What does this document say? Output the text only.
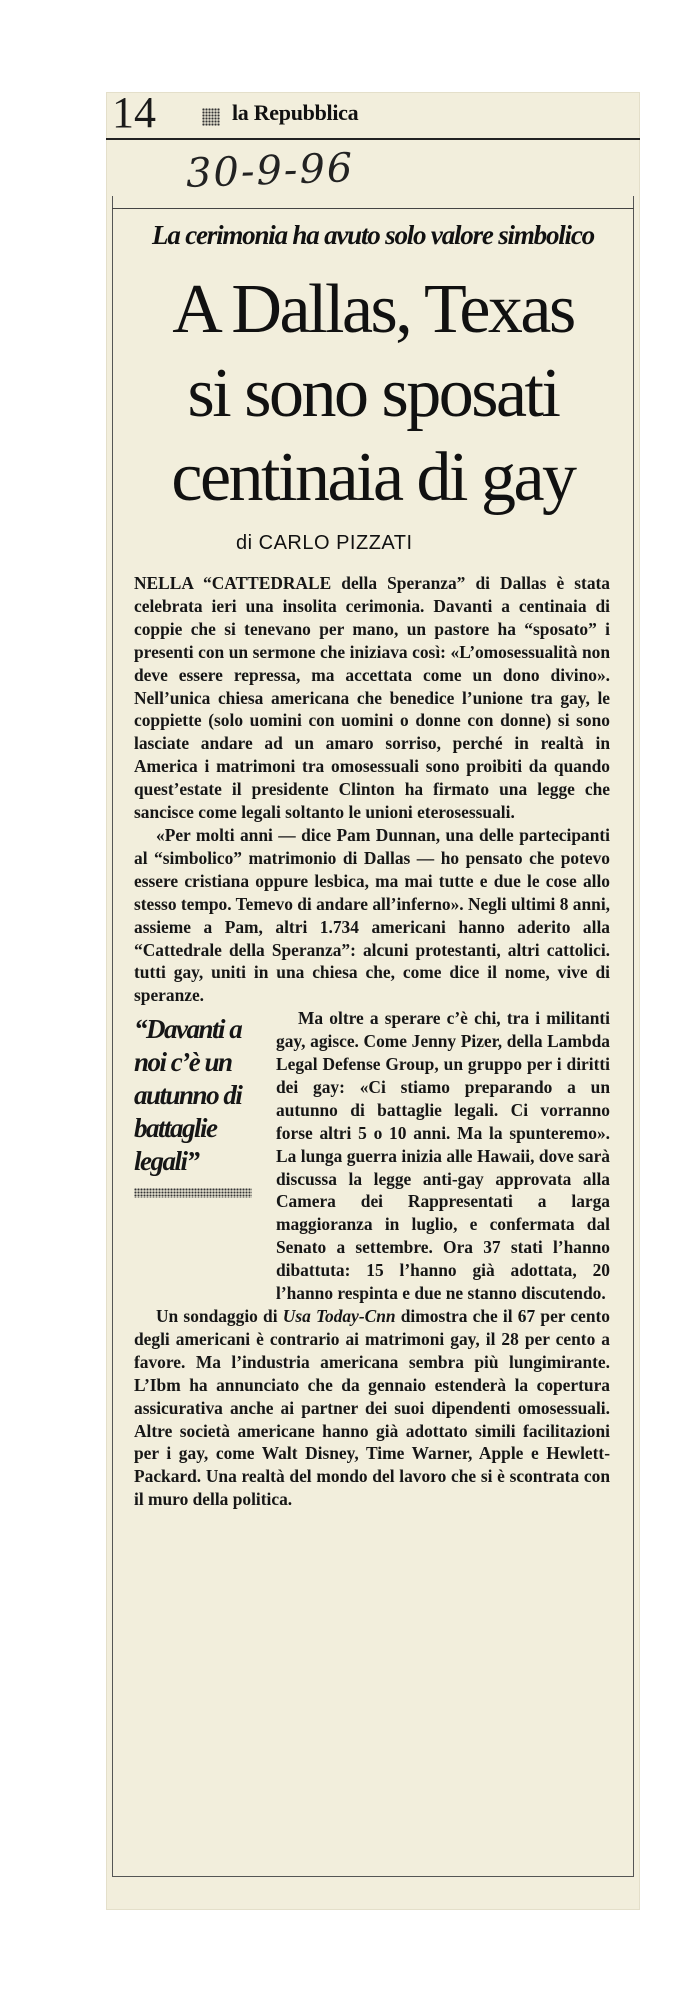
14	la Repubblica
30-9-96
La cerimonia ha avuto solo valore simbolico
A Dallas, Texas
si sono sposati
centinaia di gay
di CARLO PIZZATI

NELLA “CATTEDRALE della Speranza” di Dallas è stata celebrata ieri una insolita cerimonia. Davanti a centinaia di coppie che si tenevano per mano, un pastore ha “sposato” i presenti con un sermone che iniziava così: «L’omosessualità non deve essere repressa, ma accettata come un dono divino». Nell’unica chiesa americana che benedice l’unione tra gay, le coppiette (solo uomini con uomini o donne con donne) si sono lasciate andare ad un amaro sorriso, perché in realtà in America i matrimoni tra omosessuali sono proibiti da quando quest’estate il presidente Clinton ha firmato una legge che sancisce come legali soltanto le unioni eterosessuali.

«Per molti anni — dice Pam Dunnan, una delle partecipanti al “simbolico” matrimonio di Dallas — ho pensato che potevo essere cristiana oppure lesbica, ma mai tutte e due le cose allo stesso tempo. Temevo di andare all’inferno». Negli ultimi 8 anni, assieme a Pam, altri 1.734 americani hanno aderito alla “Cattedrale della Speranza”: alcuni protestanti, altri cattolici. tutti gay, uniti in una chiesa che, come dice il nome, vive di speranze.

“Davanti a noi c’è un autunno di battaglie legali”

Ma oltre a sperare c’è chi, tra i militanti gay, agisce. Come Jenny Pizer, della Lambda Legal Defense Group, un gruppo per i diritti dei gay: «Ci stiamo preparando a un autunno di battaglie legali. Ci vorranno forse altri 5 o 10 anni. Ma la spunteremo». La lunga guerra inizia alle Hawaii, dove sarà discussa la legge anti-gay approvata alla Camera dei Rappresentati a larga maggioranza in luglio, e confermata dal Senato a settembre. Ora 37 stati l’hanno dibattuta: 15 l’hanno già adottata, 20 l’hanno respinta e due ne stanno discutendo.

Un sondaggio di Usa Today-Cnn dimostra che il 67 per cento degli americani è contrario ai matrimoni gay, il 28 per cento a favore. Ma l’industria americana sembra più lungimirante. L’Ibm ha annunciato che da gennaio estenderà la copertura assicurativa anche ai partner dei suoi dipendenti omosessuali. Altre società americane hanno già adottato simili facilitazioni per i gay, come Walt Disney, Time Warner, Apple e Hewlett-Packard. Una realtà del mondo del lavoro che si è scontrata con il muro della politica.
